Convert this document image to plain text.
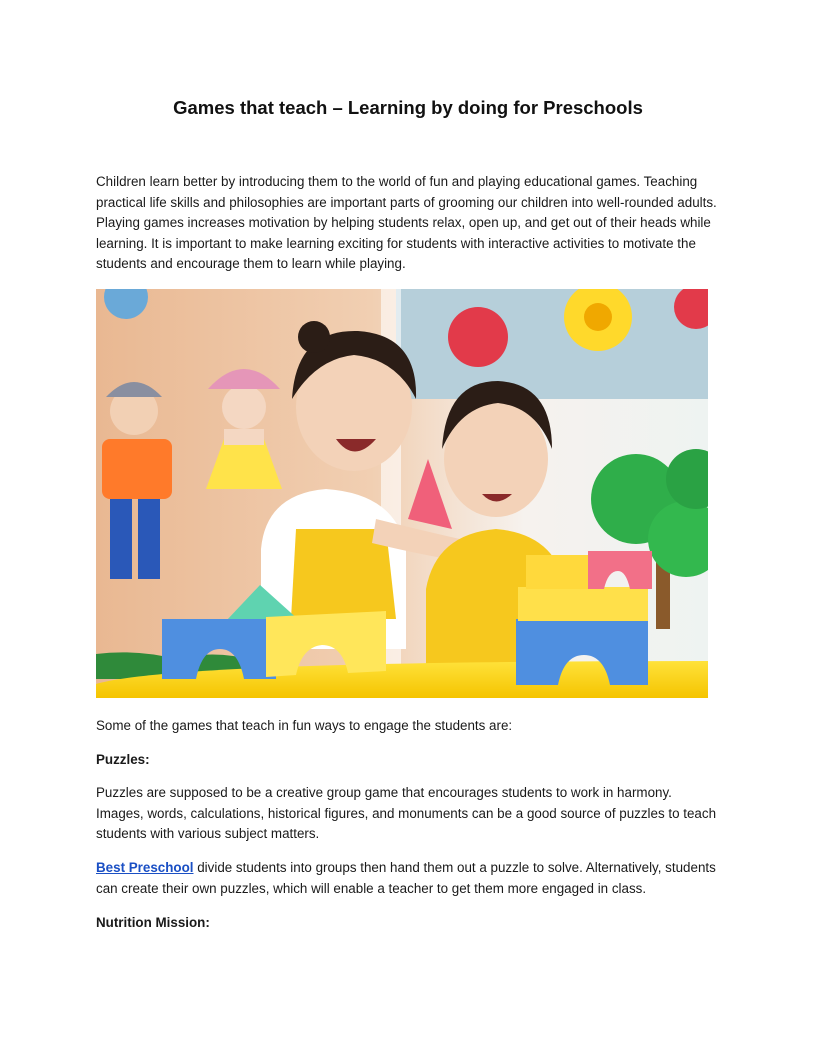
Games that teach – Learning by doing for Preschools

Children learn better by introducing them to the world of fun and playing educational games. Teaching practical life skills and philosophies are important parts of grooming our children into well-rounded adults. Playing games increases motivation by helping students relax, open up, and get out of their heads while learning. It is important to make learning exciting for students with interactive activities to motivate the students and encourage them to learn while playing.

Some of the games that teach in fun ways to engage the students are:

Puzzles:

Puzzles are supposed to be a creative group game that encourages students to work in harmony. Images, words, calculations, historical figures, and monuments can be a good source of puzzles to teach students with various subject matters.

Best Preschool divide students into groups then hand them out a puzzle to solve. Alternatively, students can create their own puzzles, which will enable a teacher to get them more engaged in class.

Nutrition Mission:
